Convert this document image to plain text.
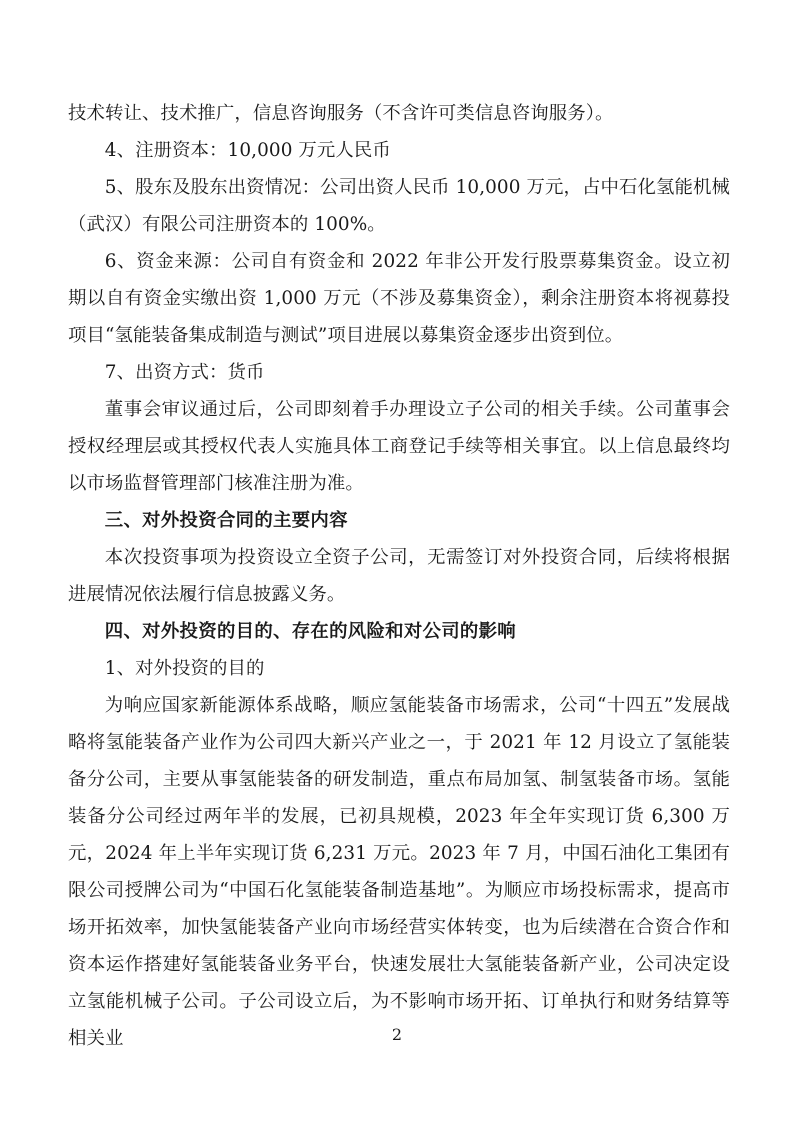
技术转让、技术推广，信息咨询服务（不含许可类信息咨询服务）。

4、注册资本：10,000 万元人民币

5、股东及股东出资情况：公司出资人民币 10,000 万元，占中石化氢能机械（武汉）有限公司注册资本的 100%。

6、资金来源：公司自有资金和 2022 年非公开发行股票募集资金。设立初期以自有资金实缴出资 1,000 万元（不涉及募集资金），剩余注册资本将视募投项目“氢能装备集成制造与测试”项目进展以募集资金逐步出资到位。

7、出资方式：货币

董事会审议通过后，公司即刻着手办理设立子公司的相关手续。公司董事会授权经理层或其授权代表人实施具体工商登记手续等相关事宜。以上信息最终均以市场监督管理部门核准注册为准。

三、对外投资合同的主要内容

本次投资事项为投资设立全资子公司，无需签订对外投资合同，后续将根据进展情况依法履行信息披露义务。

四、对外投资的目的、存在的风险和对公司的影响

1、对外投资的目的

为响应国家新能源体系战略，顺应氢能装备市场需求，公司“十四五”发展战略将氢能装备产业作为公司四大新兴产业之一，于 2021 年 12 月设立了氢能装备分公司，主要从事氢能装备的研发制造，重点布局加氢、制氢装备市场。氢能装备分公司经过两年半的发展，已初具规模，2023 年全年实现订货 6,300 万元，2024 年上半年实现订货 6,231 万元。2023 年 7 月，中国石油化工集团有限公司授牌公司为“中国石化氢能装备制造基地”。为顺应市场投标需求，提高市场开拓效率，加快氢能装备产业向市场经营实体转变，也为后续潜在合资合作和资本运作搭建好氢能装备业务平台，快速发展壮大氢能装备新产业，公司决定设立氢能机械子公司。子公司设立后，为不影响市场开拓、订单执行和财务结算等相关业	2
